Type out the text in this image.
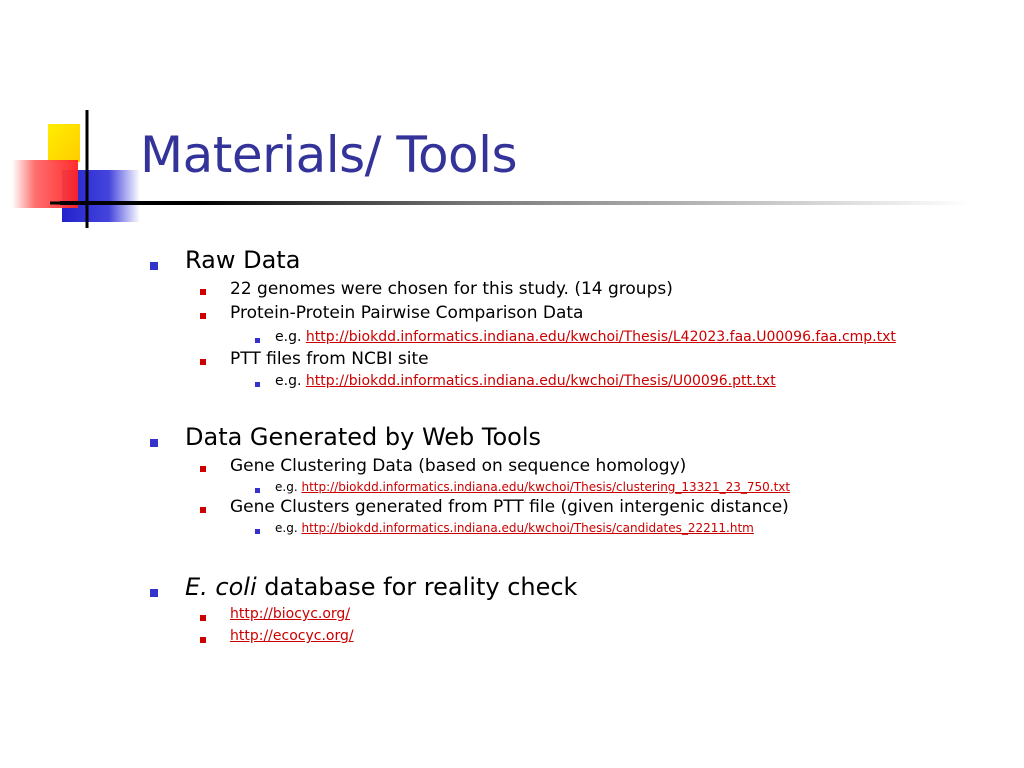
Materials/ Tools
Raw Data
22 genomes were chosen for this study. (14 groups)
Protein-Protein Pairwise Comparison Data
e.g. http://biokdd.informatics.indiana.edu/kwchoi/Thesis/L42023.faa.U00096.faa.cmp.txt
PTT files from NCBI site
e.g. http://biokdd.informatics.indiana.edu/kwchoi/Thesis/U00096.ptt.txt
Data Generated by Web Tools
Gene Clustering Data (based on sequence homology)
e.g. http://biokdd.informatics.indiana.edu/kwchoi/Thesis/clustering_13321_23_750.txt
Gene Clusters generated from PTT file (given intergenic distance)
e.g. http://biokdd.informatics.indiana.edu/kwchoi/Thesis/candidates_22211.htm
E. coli database for reality check
http://biocyc.org/
http://ecocyc.org/
